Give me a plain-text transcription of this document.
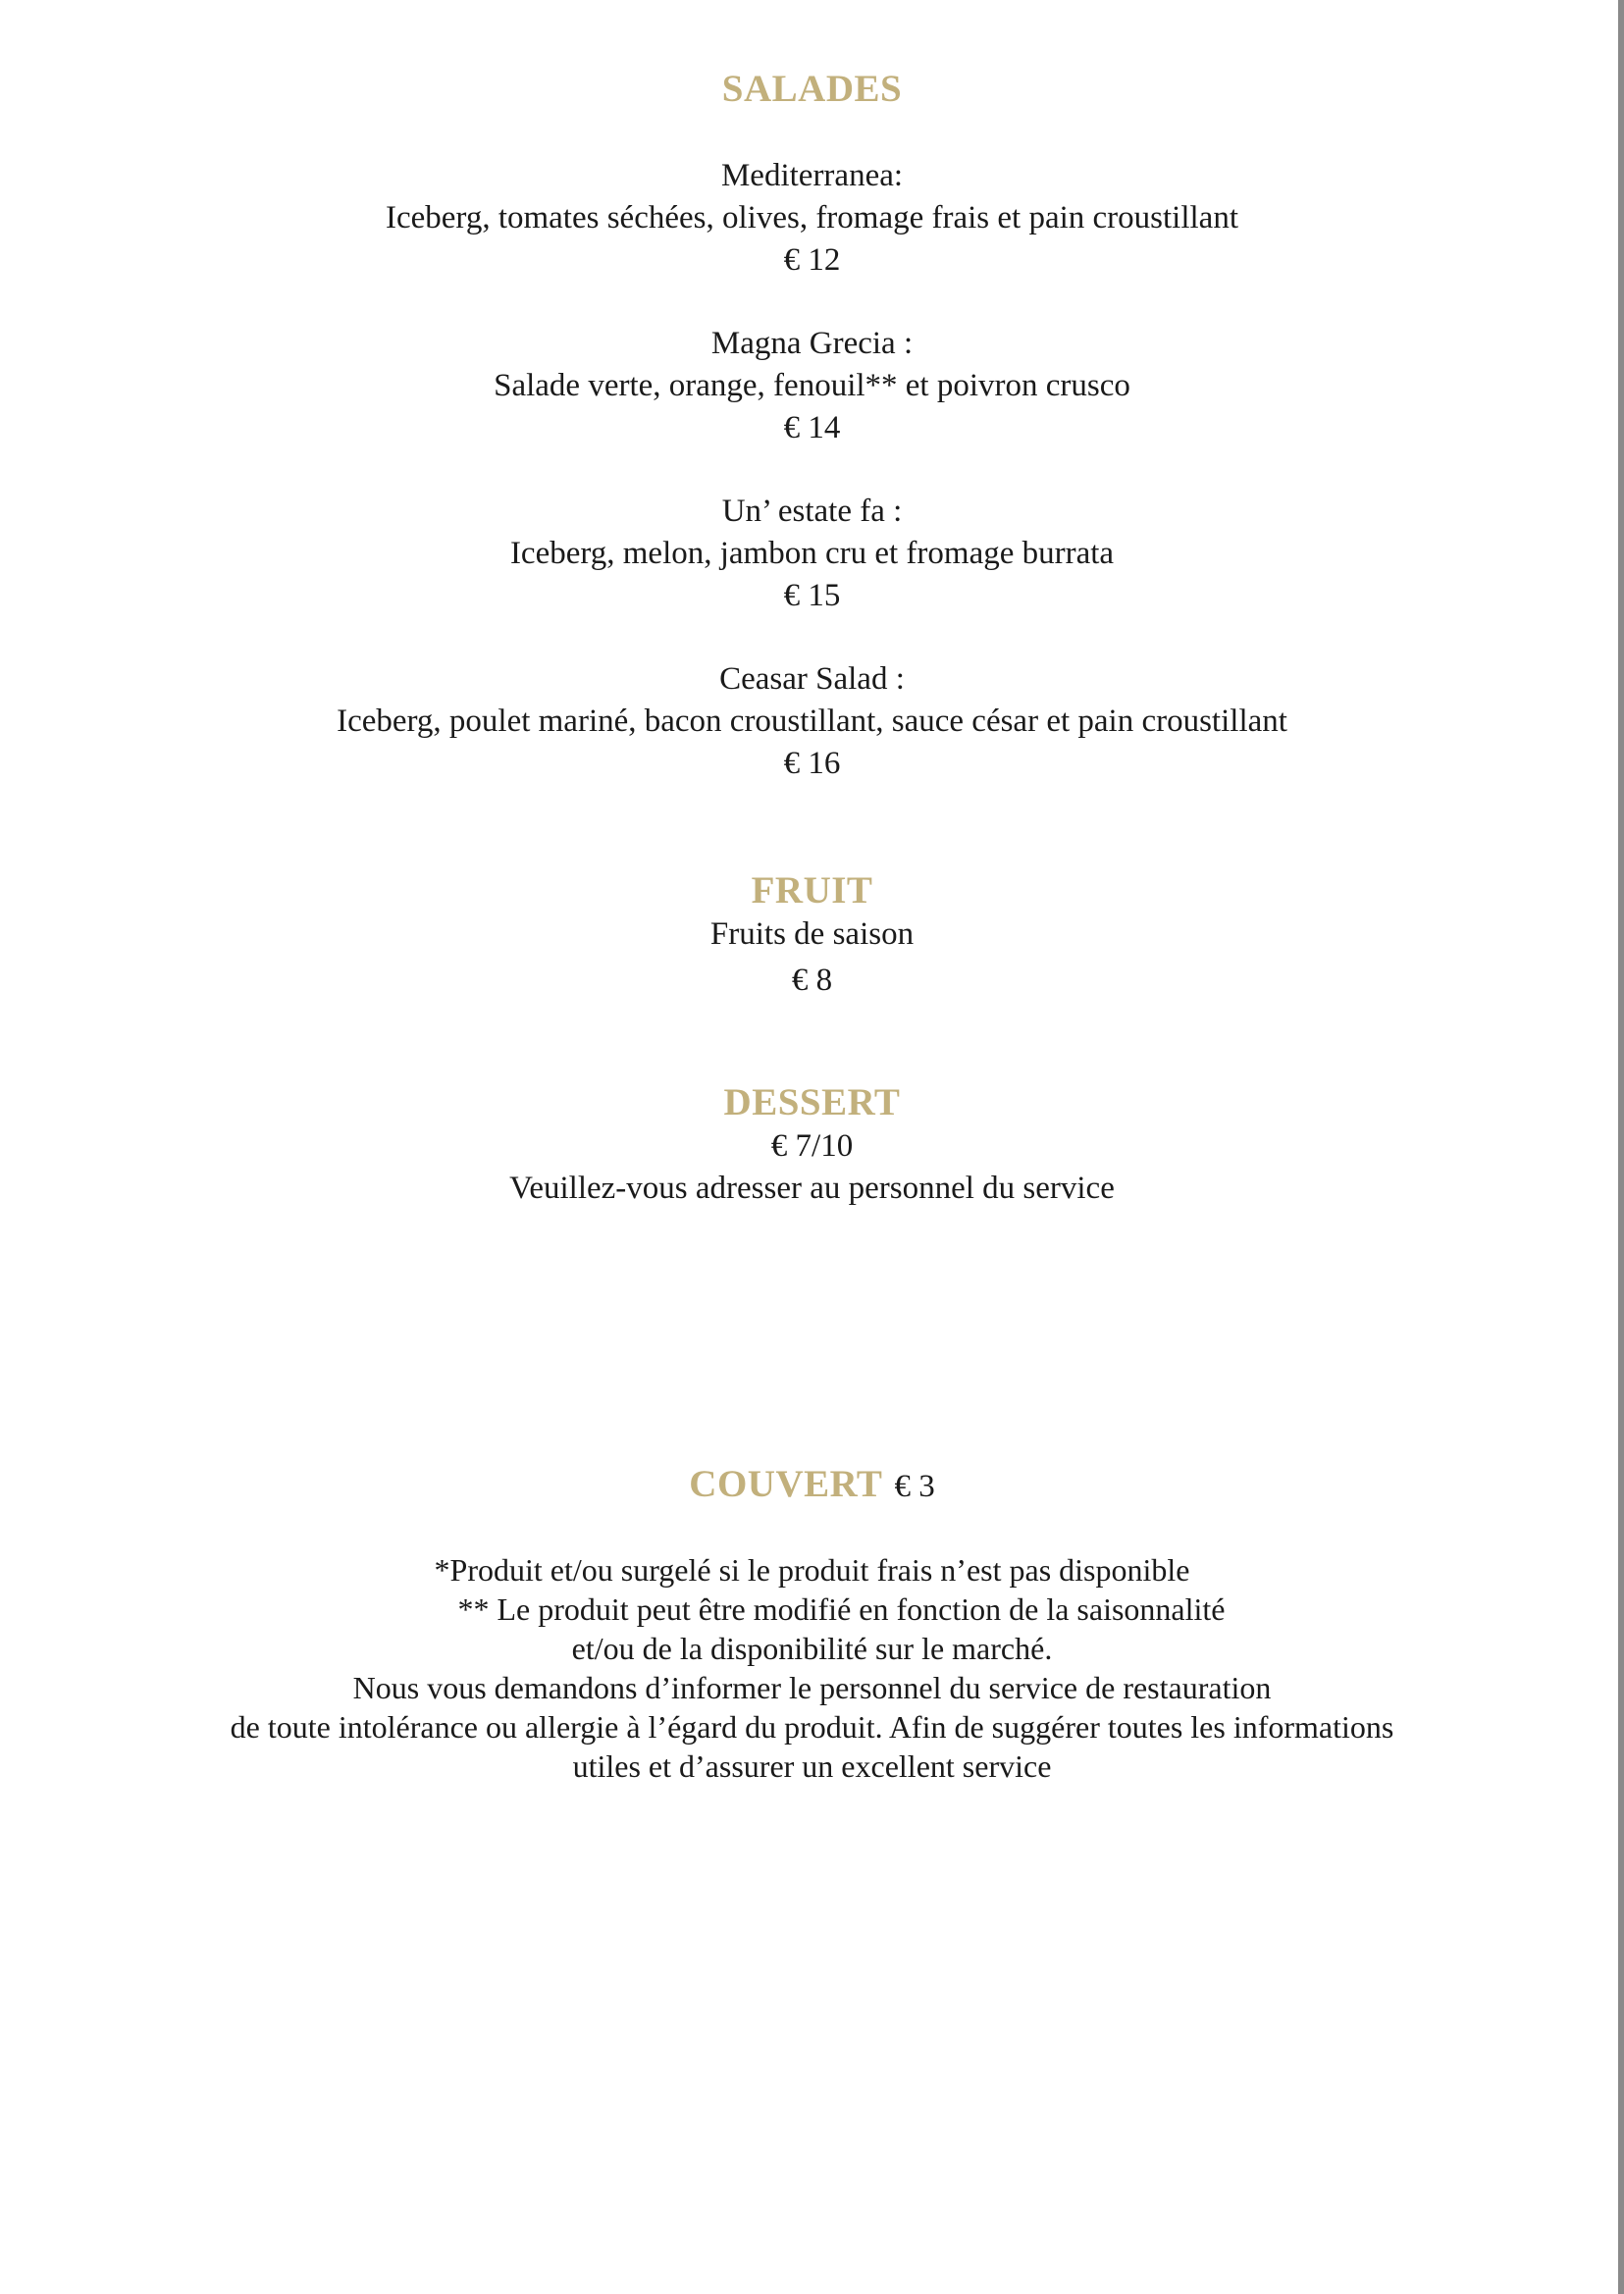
SALADES
Mediterranea:
Iceberg, tomates séchées, olives, fromage frais et pain croustillant
€ 12
Magna Grecia :
Salade verte, orange, fenouil** et poivron crusco
€ 14
Un’ estate fa :
Iceberg, melon, jambon cru et fromage burrata
€ 15
Ceasar Salad :
Iceberg, poulet mariné, bacon croustillant, sauce césar et pain croustillant
€ 16
FRUIT
Fruits de saison
€ 8
DESSERT
€ 7/10
Veuillez-vous adresser au personnel du service
COUVERT € 3
*Produit et/ou surgelé si le produit frais n’est pas disponible
** Le produit peut être modifié en fonction de la saisonnalité
et/ou de la disponibilité sur le marché.
Nous vous demandons d’informer le personnel du service de restauration
de toute intolérance ou allergie à l’égard du produit. Afin de suggérer toutes les informations
utiles et d’assurer un excellent service
